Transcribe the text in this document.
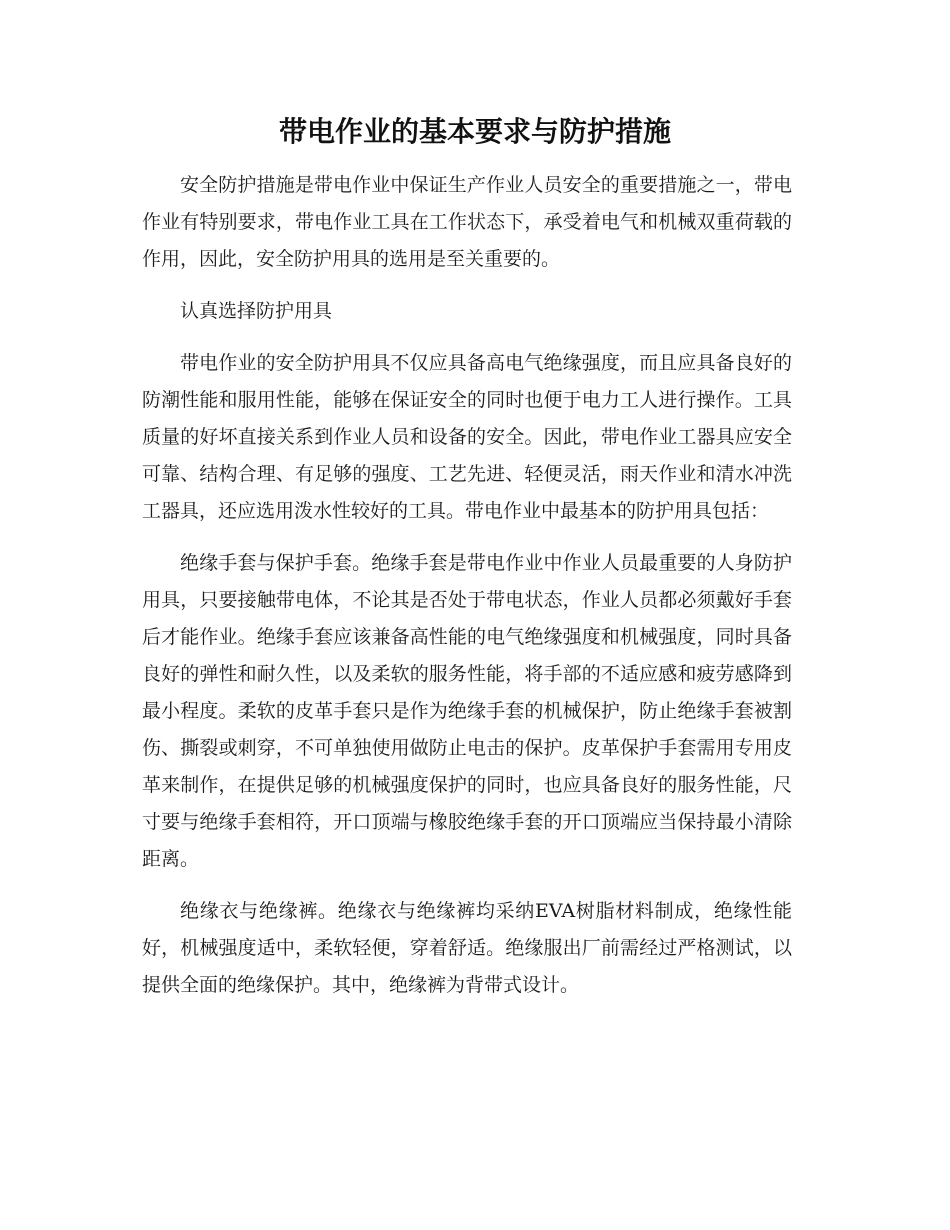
带电作业的基本要求与防护措施

安全防护措施是带电作业中保证生产作业人员安全的重要措施之一，带电作业有特别要求，带电作业工具在工作状态下，承受着电气和机械双重荷载的作用，因此，安全防护用具的选用是至关重要的。

认真选择防护用具

带电作业的安全防护用具不仅应具备高电气绝缘强度，而且应具备良好的防潮性能和服用性能，能够在保证安全的同时也便于电力工人进行操作。工具质量的好坏直接关系到作业人员和设备的安全。因此，带电作业工器具应安全可靠、结构合理、有足够的强度、工艺先进、轻便灵活，雨天作业和清水冲洗工器具，还应选用泼水性较好的工具。带电作业中最基本的防护用具包括：

绝缘手套与保护手套。绝缘手套是带电作业中作业人员最重要的人身防护用具，只要接触带电体，不论其是否处于带电状态，作业人员都必须戴好手套后才能作业。绝缘手套应该兼备高性能的电气绝缘强度和机械强度，同时具备良好的弹性和耐久性，以及柔软的服务性能，将手部的不适应感和疲劳感降到最小程度。柔软的皮革手套只是作为绝缘手套的机械保护，防止绝缘手套被割伤、撕裂或刺穿，不可单独使用做防止电击的保护。皮革保护手套需用专用皮革来制作，在提供足够的机械强度保护的同时，也应具备良好的服务性能，尺寸要与绝缘手套相符，开口顶端与橡胶绝缘手套的开口顶端应当保持最小清除距离。

绝缘衣与绝缘裤。绝缘衣与绝缘裤均采纳EVA树脂材料制成，绝缘性能好，机械强度适中，柔软轻便，穿着舒适。绝缘服出厂前需经过严格测试，以提供全面的绝缘保护。其中，绝缘裤为背带式设计。
